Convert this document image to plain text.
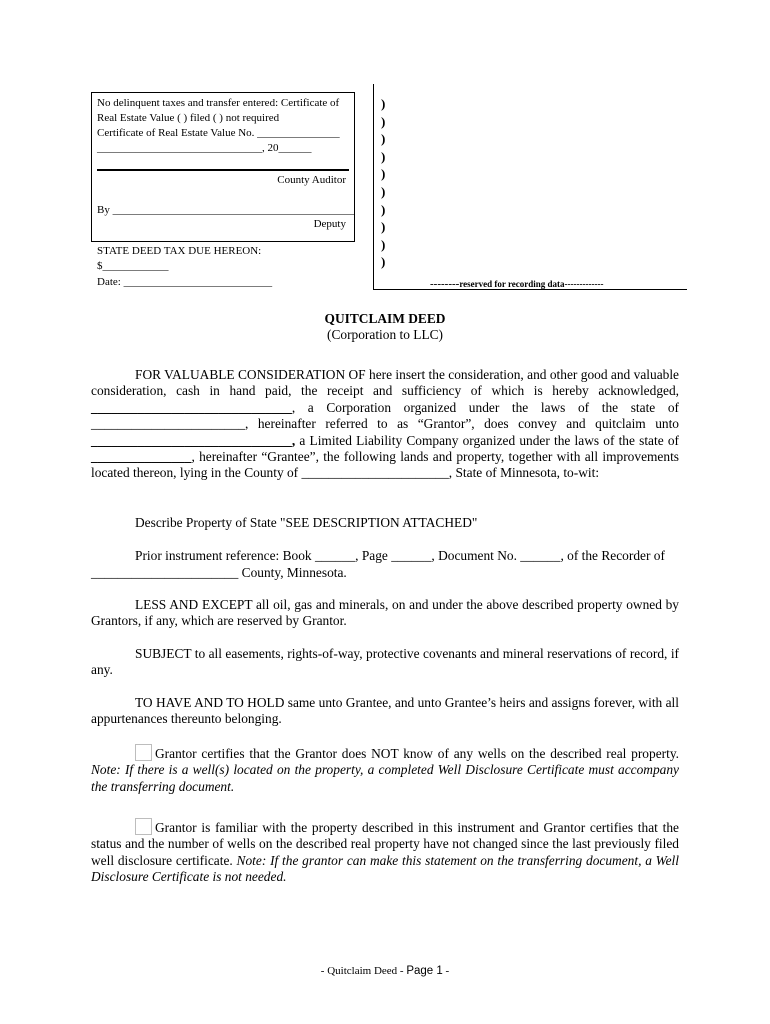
No delinquent taxes and transfer entered: Certificate of
Real Estate Value ( ) filed ( ) not required
Certificate of Real Estate Value No. _______________
______________________________, 20______
County Auditor
By ____________________________________________
Deputy
STATE DEED TAX DUE HEREON:
$____________
Date: ___________________________
)
)
)
)
)
)
)
)
)
)
--------reserved for recording data-------------
QUITCLAIM DEED
(Corporation to LLC)
FOR VALUABLE CONSIDERATION OF here insert the consideration, and other good and valuable consideration, cash in hand paid, the receipt and sufficiency of which is hereby acknowledged, ______________________________, a Corporation organized under the laws of the state of _______________________, hereinafter referred to as “Grantor”, does convey and quitclaim unto ______________________________, a Limited Liability Company organized under the laws of the state of _______________, hereinafter “Grantee”, the following lands and property, together with all improvements located thereon, lying in the County of ______________________, State of Minnesota, to-wit:
Describe Property of State "SEE DESCRIPTION ATTACHED"
Prior instrument reference: Book ______, Page ______, Document No. ______, of the Recorder of
______________________ County, Minnesota.
LESS AND EXCEPT all oil, gas and minerals, on and under the above described property owned by Grantors, if any, which are reserved by Grantor.
SUBJECT to all easements, rights-of-way, protective covenants and mineral reservations of record, if any.
TO HAVE AND TO HOLD same unto Grantee, and unto Grantee’s heirs and assigns forever, with all appurtenances thereunto belonging.
Grantor certifies that the Grantor does NOT know of any wells on the described real property. Note: If there is a well(s) located on the property, a completed Well Disclosure Certificate must accompany the transferring document.
Grantor is familiar with the property described in this instrument and Grantor certifies that the status and the number of wells on the described real property have not changed since the last previously filed well disclosure certificate. Note: If the grantor can make this statement on the transferring document, a Well Disclosure Certificate is not needed.
- Quitclaim Deed - Page 1 -
